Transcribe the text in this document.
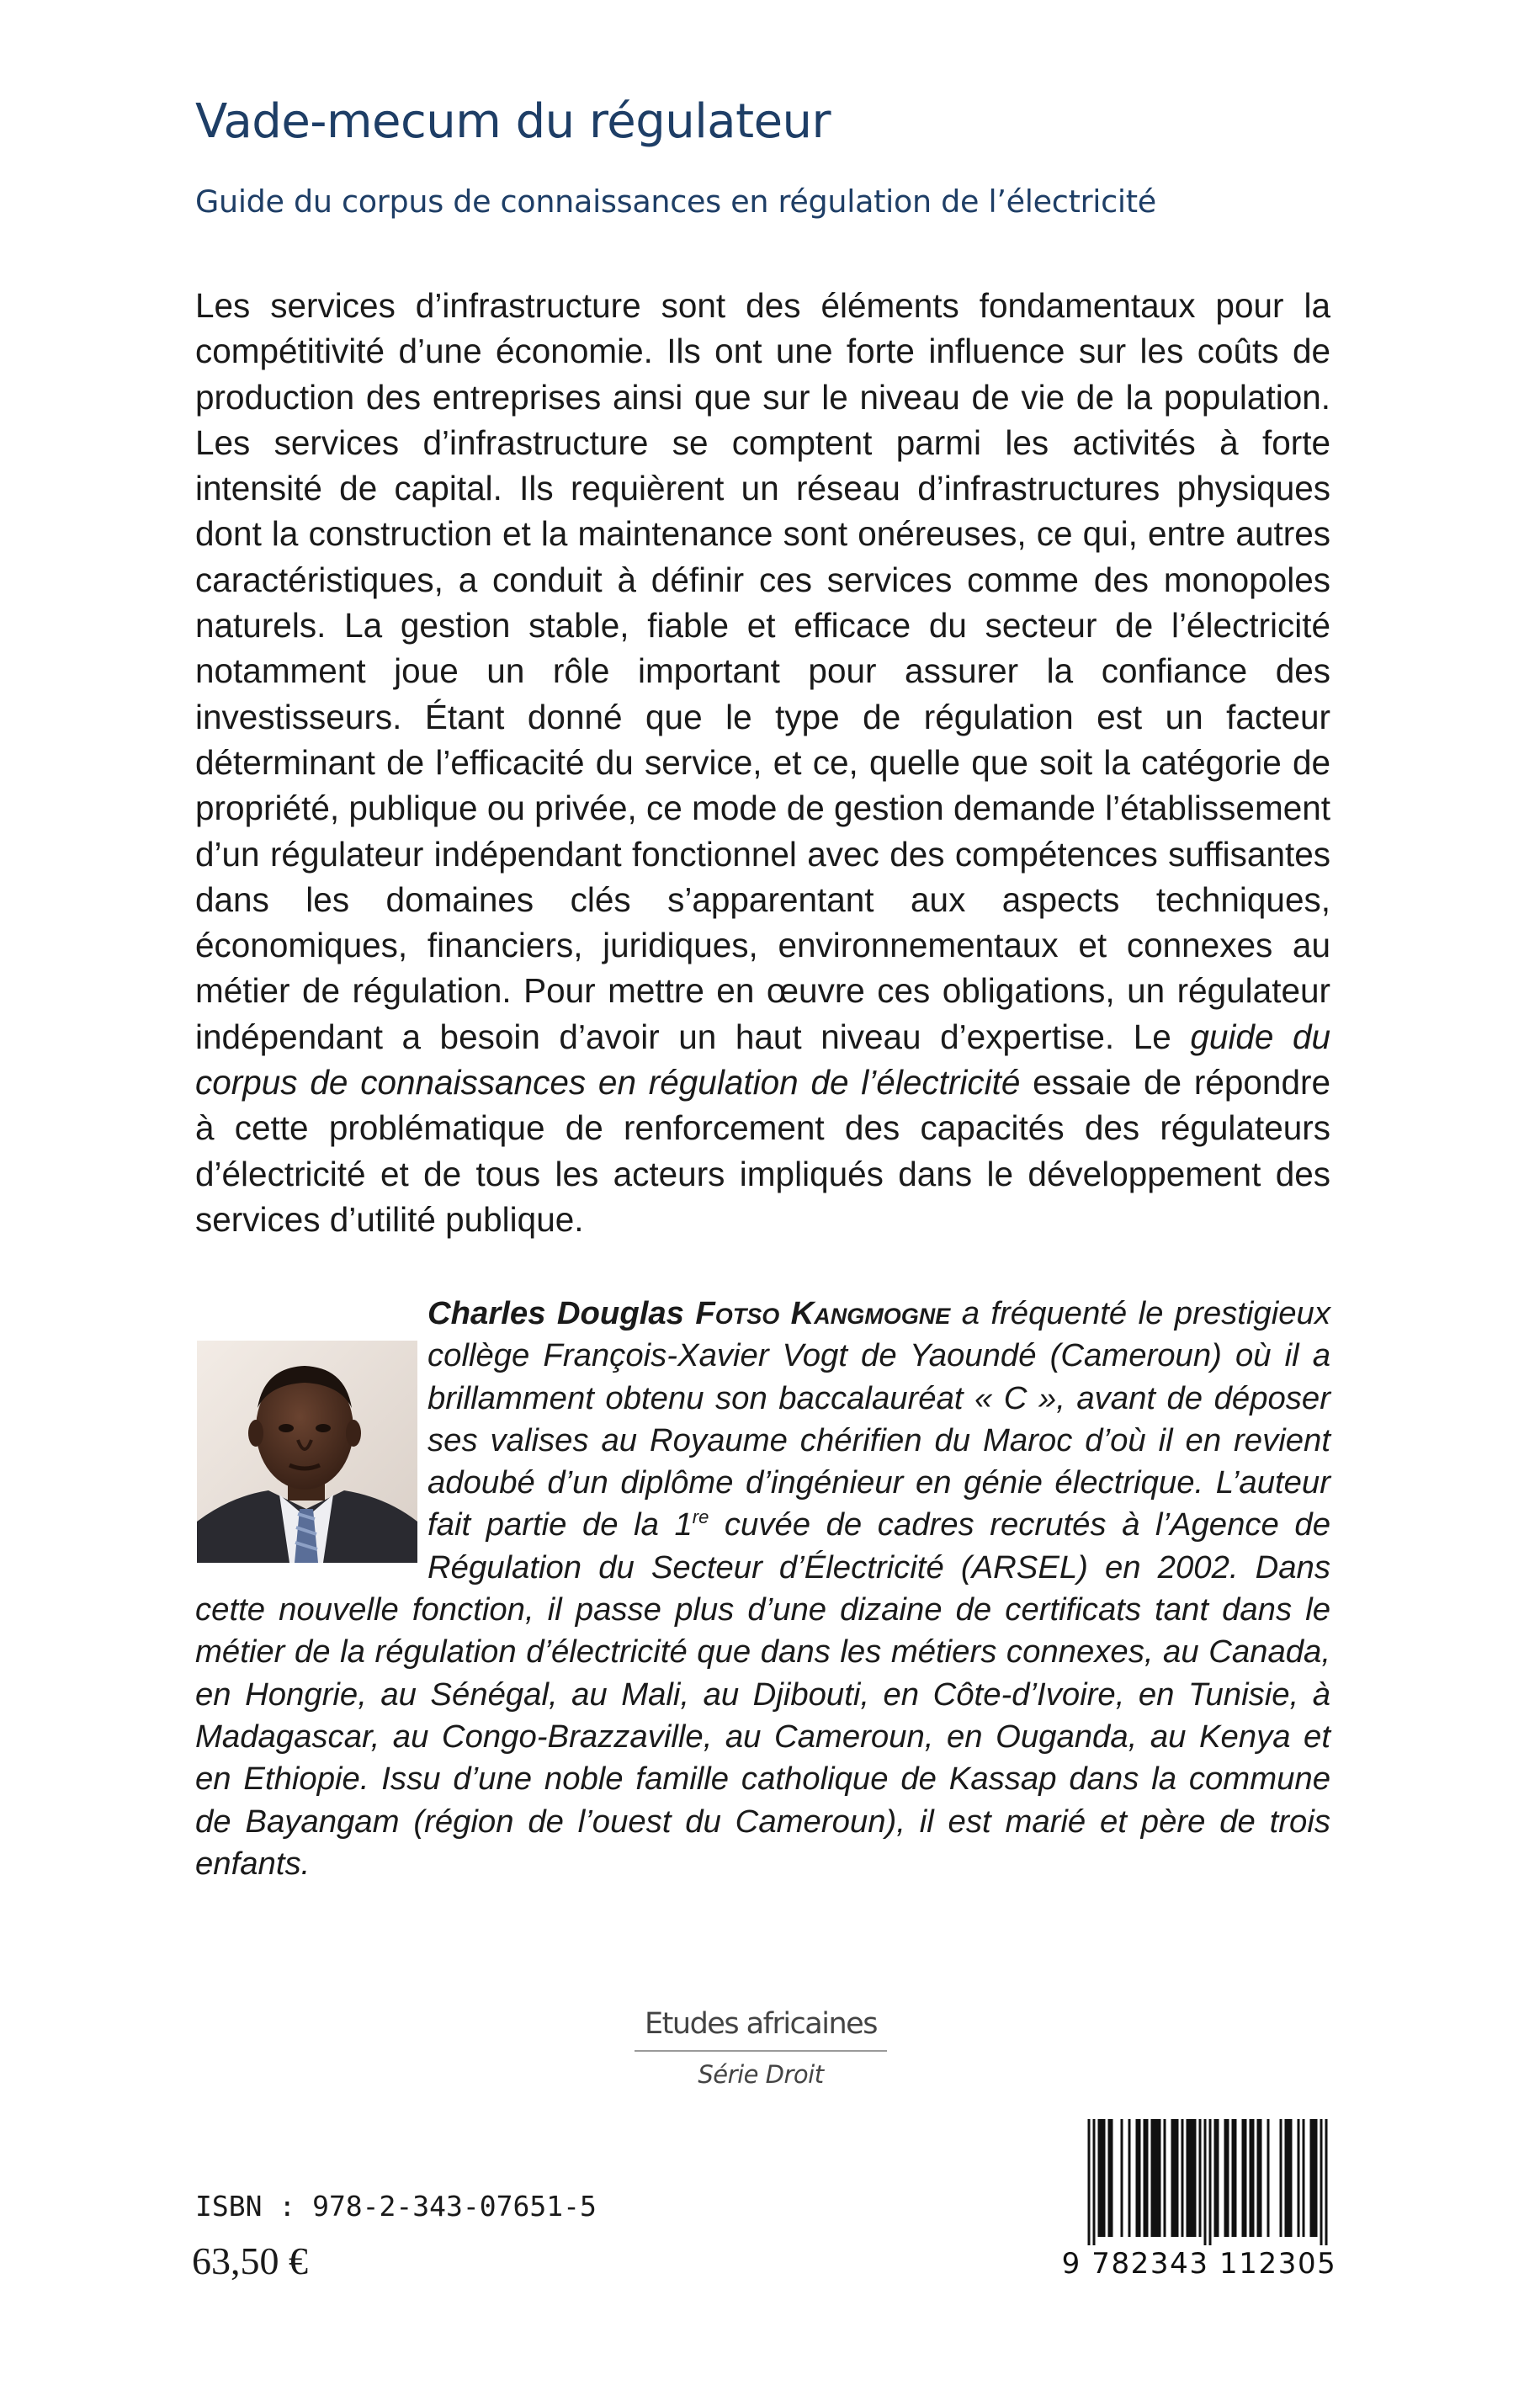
Vade-mecum du régulateur
Guide du corpus de connaissances en régulation de l’électricité

Les services d’infrastructure sont des éléments fondamentaux pour la compétitivité d’une économie. Ils ont une forte influence sur les coûts de production des entreprises ainsi que sur le niveau de vie de la population. Les services d’infrastructure se comptent parmi les activités à forte intensité de capital. Ils requièrent un réseau d’infrastructures physiques dont la construction et la maintenance sont onéreuses, ce qui, entre autres caractéristiques, a conduit à définir ces services comme des monopoles naturels. La gestion stable, fiable et efficace du secteur de l’électricité notamment joue un rôle important pour assurer la confiance des investisseurs. Étant donné que le type de régulation est un facteur déterminant de l’efficacité du service, et ce, quelle que soit la catégorie de propriété, publique ou privée, ce mode de gestion demande l’établissement d’un régulateur indépendant fonctionnel avec des compétences suffisantes dans les domaines clés s’apparentant aux aspects techniques, économiques, financiers, juridiques, environnementaux et connexes au métier de régulation. Pour mettre en œuvre ces obligations, un régulateur indépendant a besoin d’avoir un haut niveau d’expertise. Le guide du corpus de connaissances en régulation de l’électricité essaie de répondre à cette problématique de renforcement des capacités des régulateurs d’électricité et de tous les acteurs impliqués dans le développement des services d’utilité publique.

Charles Douglas Fotso Kangmogne a fréquenté le prestigieux collège François-Xavier Vogt de Yaoundé (Cameroun) où il a brillamment obtenu son baccalauréat « C », avant de déposer ses valises au Royaume chérifien du Maroc d’où il en revient adoubé d’un diplôme d’ingénieur en génie électrique. L’auteur fait partie de la 1re cuvée de cadres recrutés à l’Agence de Régulation du Secteur d’Électricité (ARSEL) en 2002. Dans cette nouvelle fonction, il passe plus d’une dizaine de certificats tant dans le métier de la régulation d’électricité que dans les métiers connexes, au Canada, en Hongrie, au Sénégal, au Mali, au Djibouti, en Côte-d’Ivoire, en Tunisie, à Madagascar, au Congo-Brazzaville, au Cameroun, en Ouganda, au Kenya et en Ethiopie. Issu d’une noble famille catholique de Kassap dans la commune de Bayangam (région de l’ouest du Cameroun), il est marié et père de trois enfants.

Etudes africaines
Série Droit
ISBN : 978-2-343-07651-5
63,50 €	9 782343 112305
